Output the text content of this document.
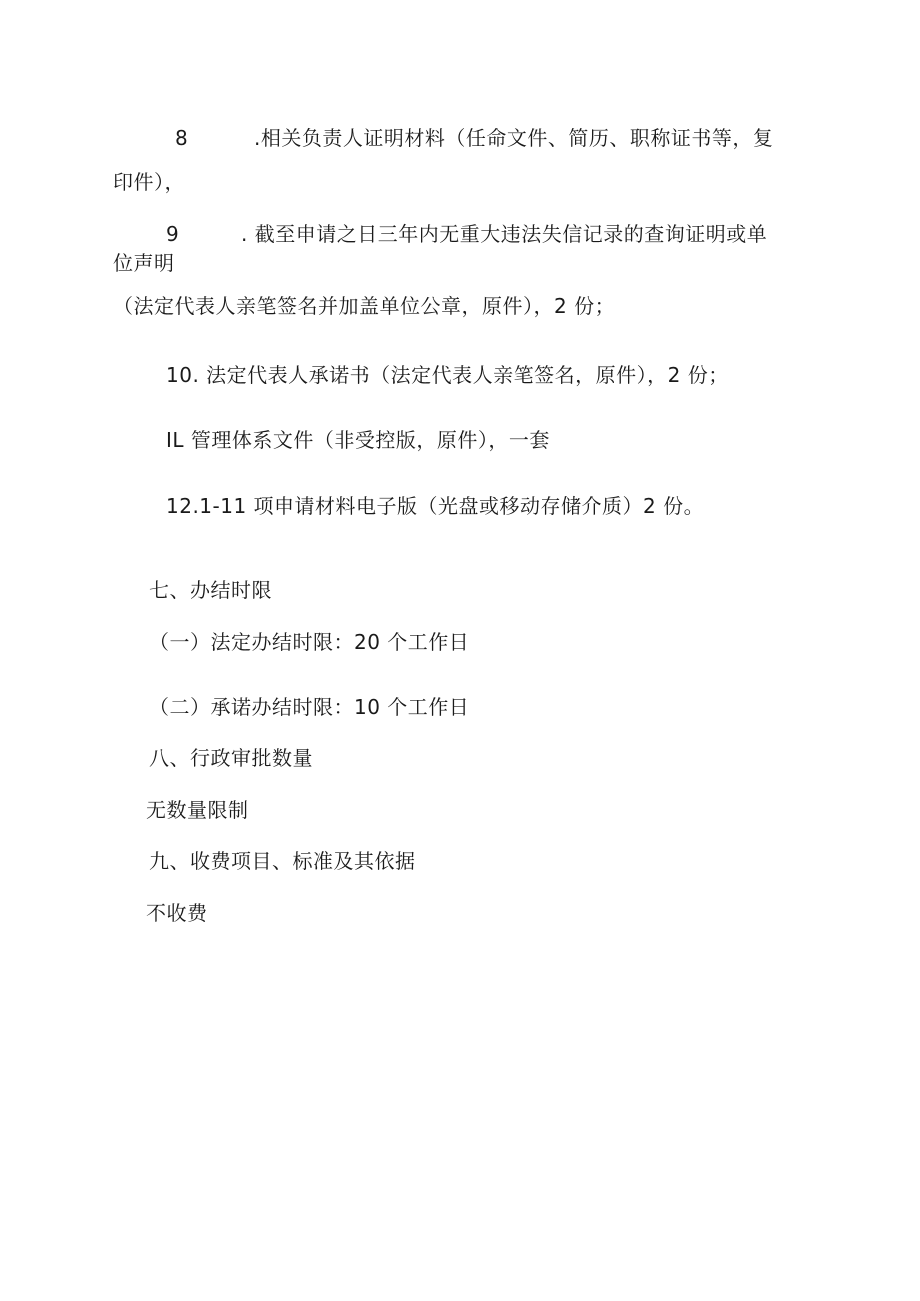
8	.相关负责人证明材料（任命文件、简历、职称证书等，复
印件），
9	. 截至申请之日三年内无重大违法失信记录的查询证明或单
位声明
（法定代表人亲笔签名并加盖单位公章，原件），2 份；
10. 法定代表人承诺书（法定代表人亲笔签名，原件），2 份；
IL 管理体系文件（非受控版，原件），一套
12.1-11 项申请材料电子版（光盘或移动存储介质）2 份。
七、办结时限
（一）法定办结时限：20 个工作日
（二）承诺办结时限：10 个工作日
八、行政审批数量
无数量限制
九、收费项目、标准及其依据
不收费
